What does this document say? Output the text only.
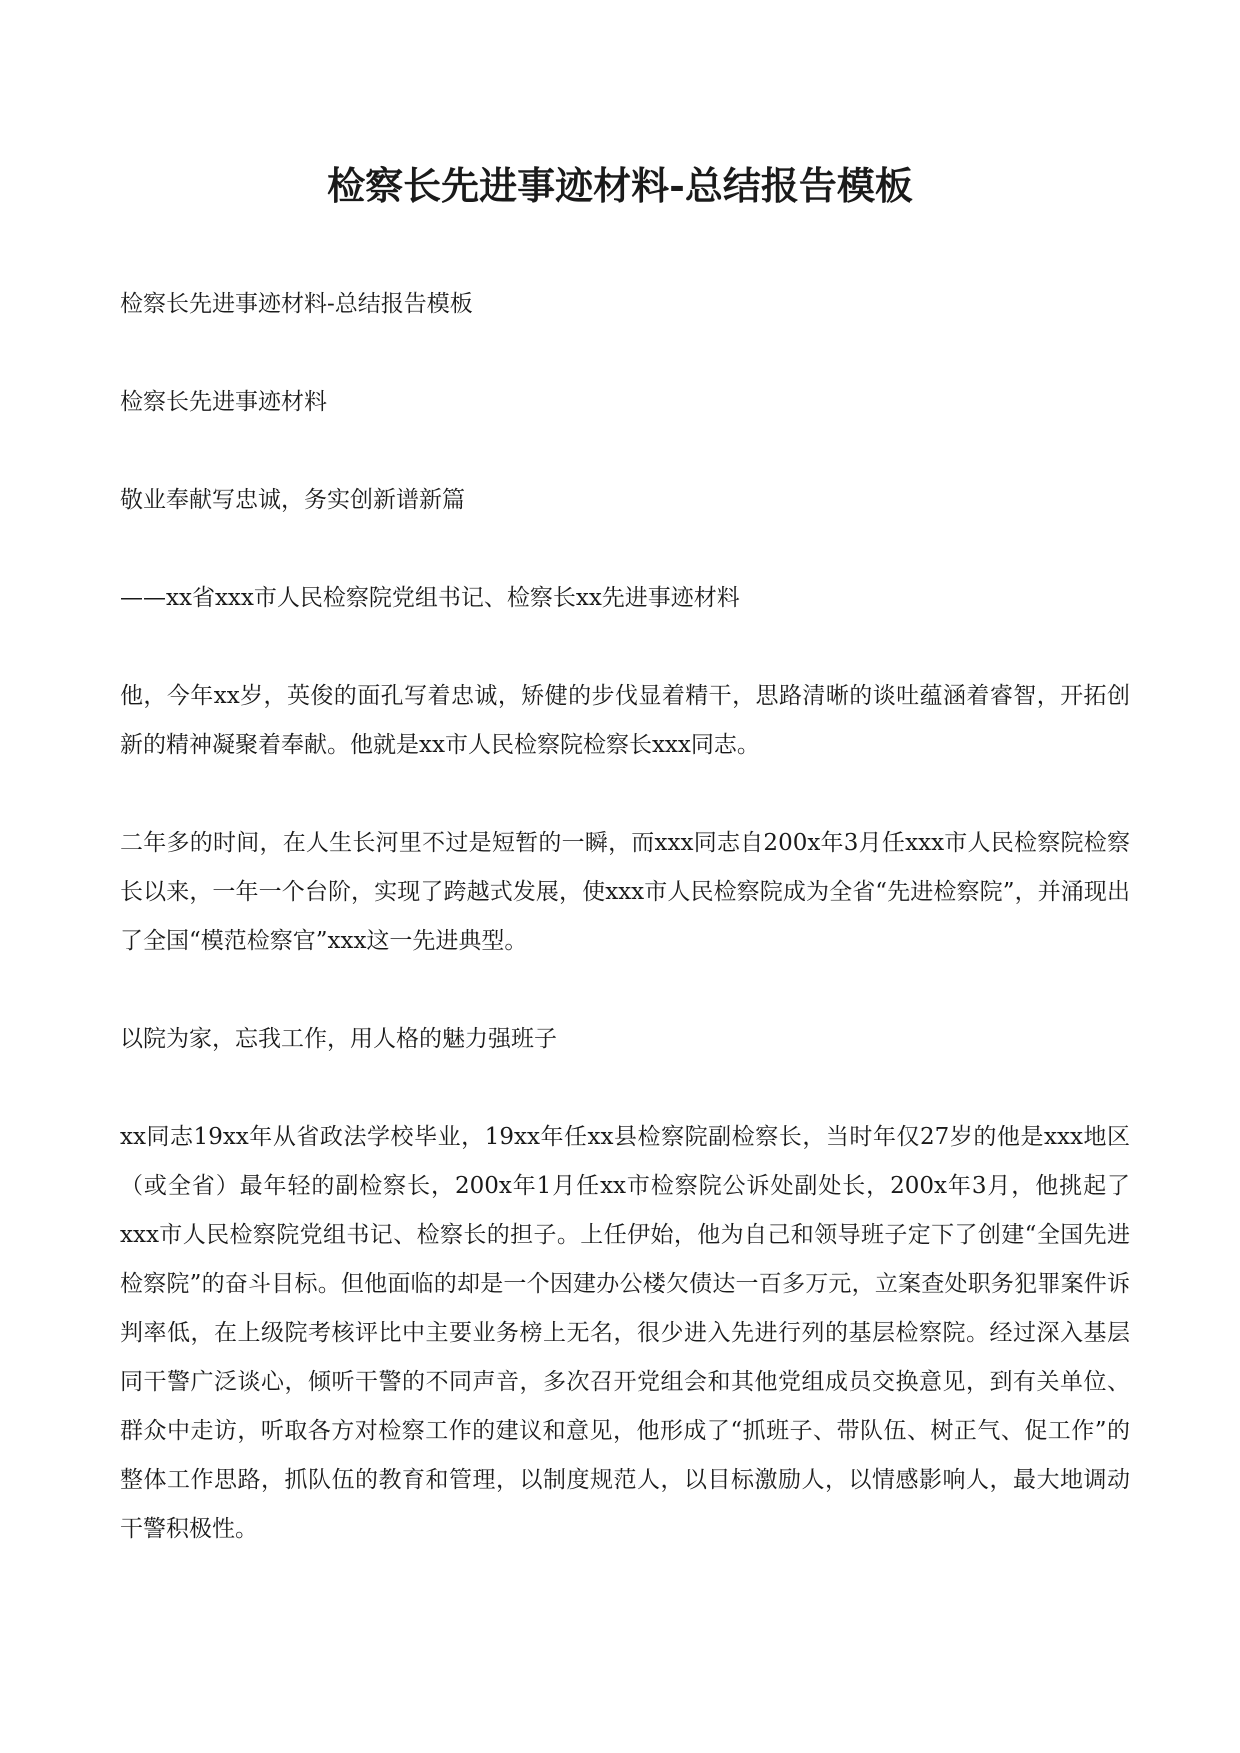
检察长先进事迹材料-总结报告模板

检察长先进事迹材料-总结报告模板

检察长先进事迹材料

敬业奉献写忠诚，务实创新谱新篇

——xx省xxx市人民检察院党组书记、检察长xx先进事迹材料

他，今年xx岁，英俊的面孔写着忠诚，矫健的步伐显着精干，思路清晰的谈吐蕴涵着睿智，开拓创新的精神凝聚着奉献。他就是xx市人民检察院检察长xxx同志。

二年多的时间，在人生长河里不过是短暂的一瞬，而xxx同志自200x年3月任xxx市人民检察院检察长以来，一年一个台阶，实现了跨越式发展，使xxx市人民检察院成为全省“先进检察院”，并涌现出了全国“模范检察官”xxx这一先进典型。

以院为家，忘我工作，用人格的魅力强班子

xx同志19xx年从省政法学校毕业，19xx年任xx县检察院副检察长，当时年仅27岁的他是xxx地区（或全省）最年轻的副检察长，200x年1月任xx市检察院公诉处副处长，200x年3月，他挑起了xxx市人民检察院党组书记、检察长的担子。上任伊始，他为自己和领导班子定下了创建“全国先进检察院”的奋斗目标。但他面临的却是一个因建办公楼欠债达一百多万元，立案查处职务犯罪案件诉判率低，在上级院考核评比中主要业务榜上无名，很少进入先进行列的基层检察院。经过深入基层同干警广泛谈心，倾听干警的不同声音，多次召开党组会和其他党组成员交换意见，到有关单位、群众中走访，听取各方对检察工作的建议和意见，他形成了“抓班子、带队伍、树正气、促工作”的整体工作思路，抓队伍的教育和管理，以制度规范人，以目标激励人，以情感影响人，最大地调动干警积极性。
